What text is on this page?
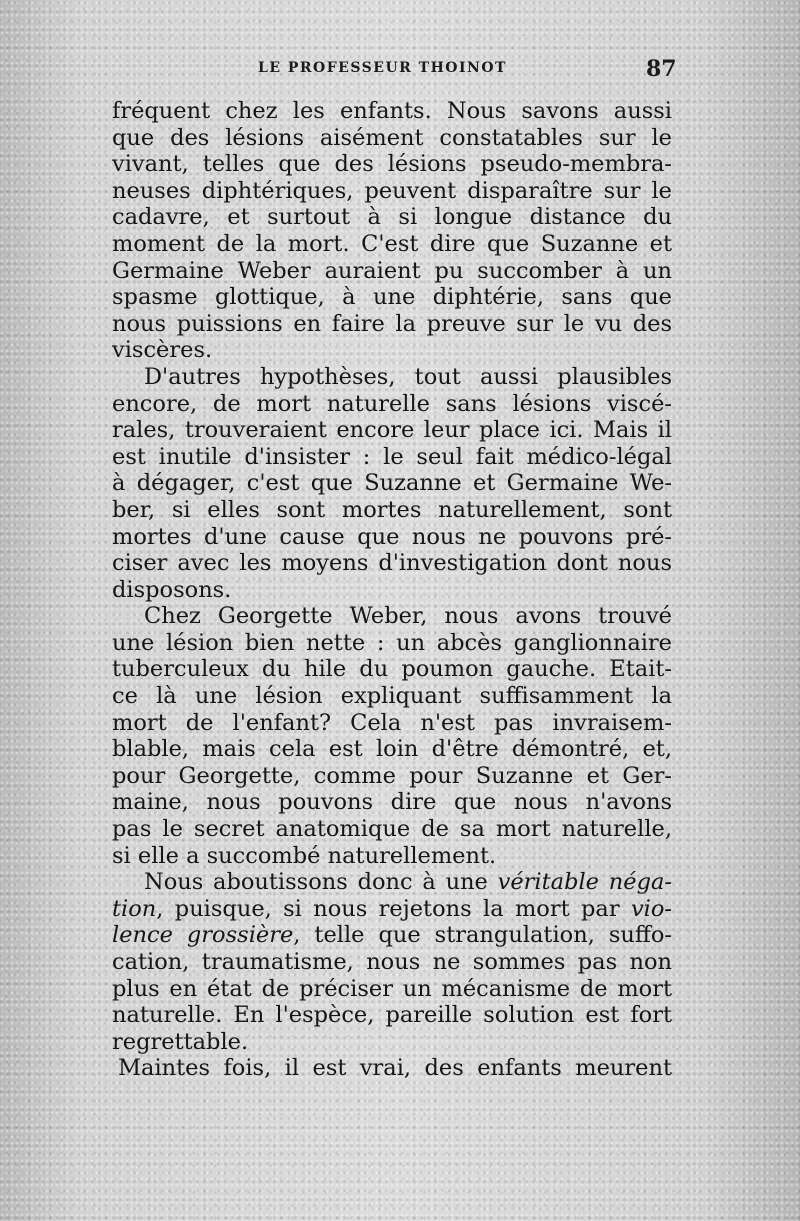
LE PROFESSEUR THOINOT	87
fréquent chez les enfants. Nous savons aussi
que des lésions aisément constatables sur le
vivant, telles que des lésions pseudo-membra-
neuses diphtériques, peuvent disparaître sur le
cadavre, et surtout à si longue distance du
moment de la mort. C'est dire que Suzanne et
Germaine Weber auraient pu succomber à un
spasme glottique, à une diphtérie, sans que
nous puissions en faire la preuve sur le vu des
viscères.
D'autres hypothèses, tout aussi plausibles
encore, de mort naturelle sans lésions viscé-
rales, trouveraient encore leur place ici. Mais il
est inutile d'insister : le seul fait médico-légal
à dégager, c'est que Suzanne et Germaine We-
ber, si elles sont mortes naturellement, sont
mortes d'une cause que nous ne pouvons pré-
ciser avec les moyens d'investigation dont nous
disposons.
Chez Georgette Weber, nous avons trouvé
une lésion bien nette : un abcès ganglionnaire
tuberculeux du hile du poumon gauche. Etait-
ce là une lésion expliquant suffisamment la
mort de l'enfant? Cela n'est pas invraisem-
blable, mais cela est loin d'être démontré, et,
pour Georgette, comme pour Suzanne et Ger-
maine, nous pouvons dire que nous n'avons
pas le secret anatomique de sa mort naturelle,
si elle a succombé naturellement.
Nous aboutissons donc à une véritable néga-
tion, puisque, si nous rejetons la mort par vio-
lence grossière, telle que strangulation, suffo-
cation, traumatisme, nous ne sommes pas non
plus en état de préciser un mécanisme de mort
naturelle. En l'espèce, pareille solution est fort
regrettable.
Maintes fois, il est vrai, des enfants meurent
